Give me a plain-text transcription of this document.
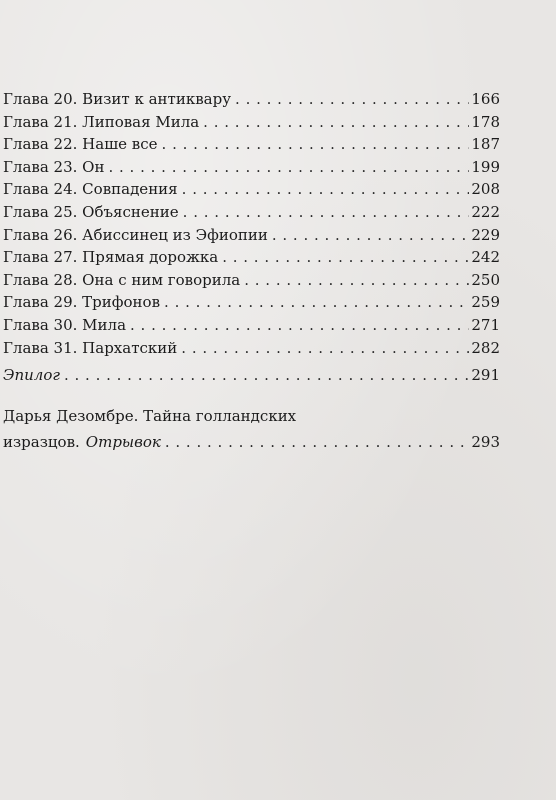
Глава 20. Визит к антиквару . . .	166
Глава 21. Липовая Мила . . .	178
Глава 22. Наше все . . .	187
Глава 23. Он . . .	199
Глава 24. Совпадения . . .	208
Глава 25. Объяснение . . .	222
Глава 26. Абиссинец из Эфиопии . . .	229
Глава 27. Прямая дорожка . . .	242
Глава 28. Она с ним говорила . . .	250
Глава 29. Трифонов . . .	259
Глава 30. Мила . . .	271
Глава 31. Пархатский . . .	282
Эпилог . . .	291
Дарья Дезомбре. Тайна голландских
изразцов. Отрывок . . .	293
